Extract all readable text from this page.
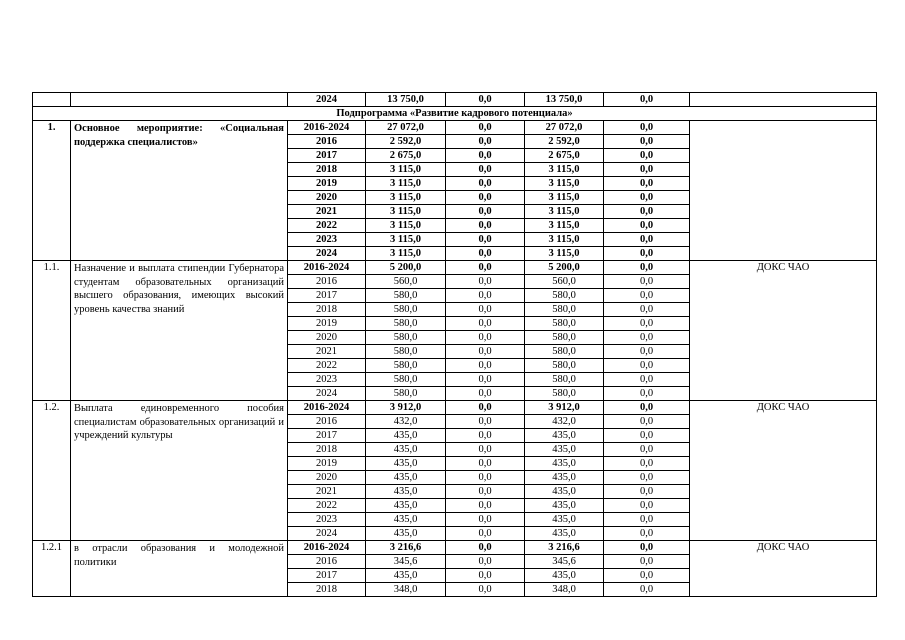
		2024	13 750,0	0,0	13 750,0	0,0	
Подпрограмма «Развитие кадрового потенциала»							
1.	Основное мероприятие: «Социальная поддержка специалистов»	2016-2024	27 072,0	0,0	27 072,0	0,0	
		2016	2 592,0	0,0	2 592,0	0,0	
		2017	2 675,0	0,0	2 675,0	0,0	
		2018	3 115,0	0,0	3 115,0	0,0	
		2019	3 115,0	0,0	3 115,0	0,0	
		2020	3 115,0	0,0	3 115,0	0,0	
		2021	3 115,0	0,0	3 115,0	0,0	
		2022	3 115,0	0,0	3 115,0	0,0	
		2023	3 115,0	0,0	3 115,0	0,0	
		2024	3 115,0	0,0	3 115,0	0,0	
1.1.	Назначение и выплата стипендии Губернатора студентам образовательных организаций высшего образования, имеющих высокий уровень качества знаний	2016-2024	5 200,0	0,0	5 200,0	0,0	ДОКС ЧАО
		2016	560,0	0,0	560,0	0,0	
		2017	580,0	0,0	580,0	0,0	
		2018	580,0	0,0	580,0	0,0	
		2019	580,0	0,0	580,0	0,0	
		2020	580,0	0,0	580,0	0,0	
		2021	580,0	0,0	580,0	0,0	
		2022	580,0	0,0	580,0	0,0	
		2023	580,0	0,0	580,0	0,0	
		2024	580,0	0,0	580,0	0,0	
1.2.	Выплата единовременного пособия специалистам образовательных организаций и учреждений культуры	2016-2024	3 912,0	0,0	3 912,0	0,0	ДОКС ЧАО
		2016	432,0	0,0	432,0	0,0	
		2017	435,0	0,0	435,0	0,0	
		2018	435,0	0,0	435,0	0,0	
		2019	435,0	0,0	435,0	0,0	
		2020	435,0	0,0	435,0	0,0	
		2021	435,0	0,0	435,0	0,0	
		2022	435,0	0,0	435,0	0,0	
		2023	435,0	0,0	435,0	0,0	
		2024	435,0	0,0	435,0	0,0	
1.2.1	в отрасли образования и молодежной политики	2016-2024	3 216,6	0,0	3 216,6	0,0	ДОКС ЧАО
		2016	345,6	0,0	345,6	0,0	
		2017	435,0	0,0	435,0	0,0	
		2018	348,0	0,0	348,0	0,0	
